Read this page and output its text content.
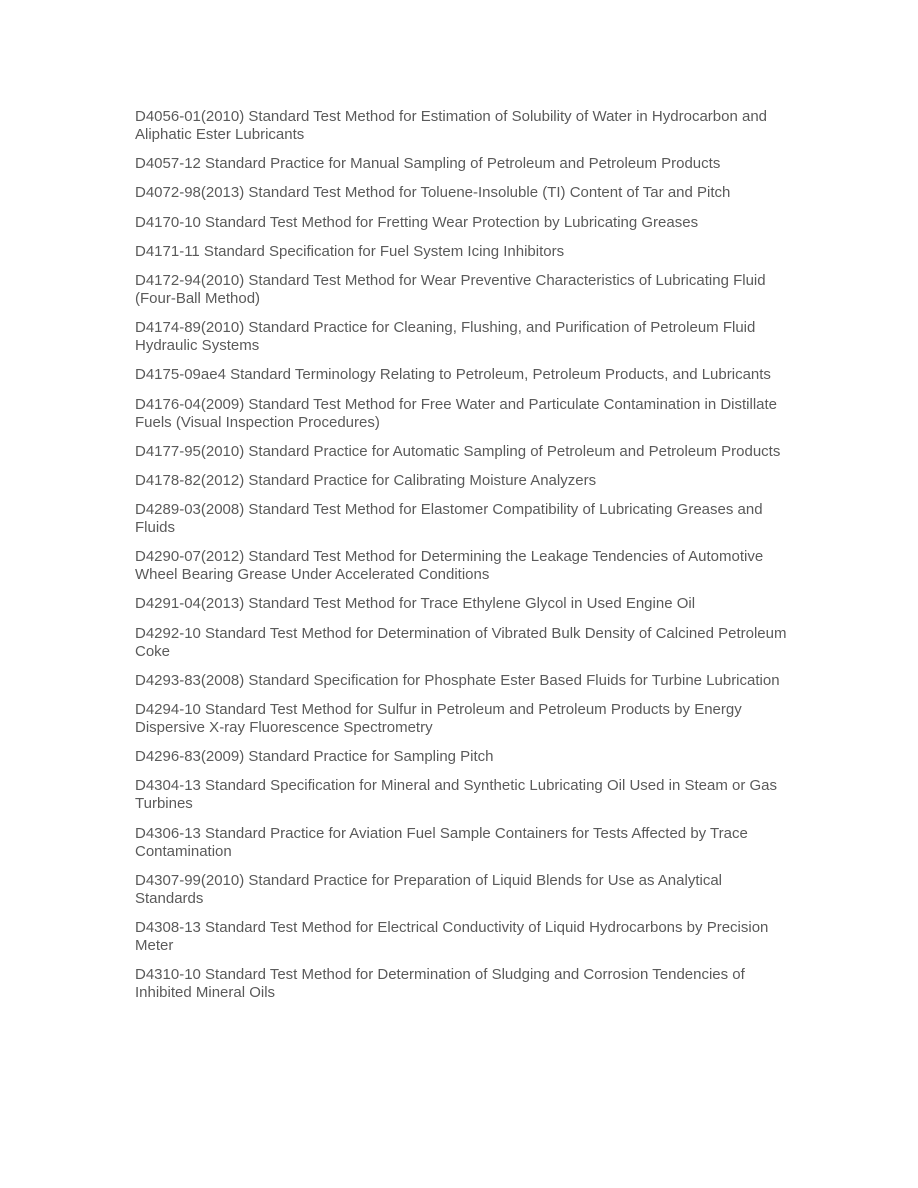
D4056-01(2010) Standard Test Method for Estimation of Solubility of Water in Hydrocarbon and Aliphatic Ester Lubricants
D4057-12 Standard Practice for Manual Sampling of Petroleum and Petroleum Products
D4072-98(2013) Standard Test Method for Toluene-Insoluble (TI) Content of Tar and Pitch
D4170-10 Standard Test Method for Fretting Wear Protection by Lubricating Greases
D4171-11 Standard Specification for Fuel System Icing Inhibitors
D4172-94(2010) Standard Test Method for Wear Preventive Characteristics of Lubricating Fluid (Four-Ball Method)
D4174-89(2010) Standard Practice for Cleaning, Flushing, and Purification of Petroleum Fluid Hydraulic Systems
D4175-09ae4 Standard Terminology Relating to Petroleum, Petroleum Products, and Lubricants
D4176-04(2009) Standard Test Method for Free Water and Particulate Contamination in Distillate Fuels (Visual Inspection Procedures)
D4177-95(2010) Standard Practice for Automatic Sampling of Petroleum and Petroleum Products
D4178-82(2012) Standard Practice for Calibrating Moisture Analyzers
D4289-03(2008) Standard Test Method for Elastomer Compatibility of Lubricating Greases and Fluids
D4290-07(2012) Standard Test Method for Determining the Leakage Tendencies of Automotive Wheel Bearing Grease Under Accelerated Conditions
D4291-04(2013) Standard Test Method for Trace Ethylene Glycol in Used Engine Oil
D4292-10 Standard Test Method for Determination of Vibrated Bulk Density of Calcined Petroleum Coke
D4293-83(2008) Standard Specification for Phosphate Ester Based Fluids for Turbine Lubrication
D4294-10 Standard Test Method for Sulfur in Petroleum and Petroleum Products by Energy Dispersive X-ray Fluorescence Spectrometry
D4296-83(2009) Standard Practice for Sampling Pitch
D4304-13 Standard Specification for Mineral and Synthetic Lubricating Oil Used in Steam or Gas Turbines
D4306-13 Standard Practice for Aviation Fuel Sample Containers for Tests Affected by Trace Contamination
D4307-99(2010) Standard Practice for Preparation of Liquid Blends for Use as Analytical Standards
D4308-13 Standard Test Method for Electrical Conductivity of Liquid Hydrocarbons by Precision Meter
D4310-10 Standard Test Method for Determination of Sludging and Corrosion Tendencies of Inhibited Mineral Oils
